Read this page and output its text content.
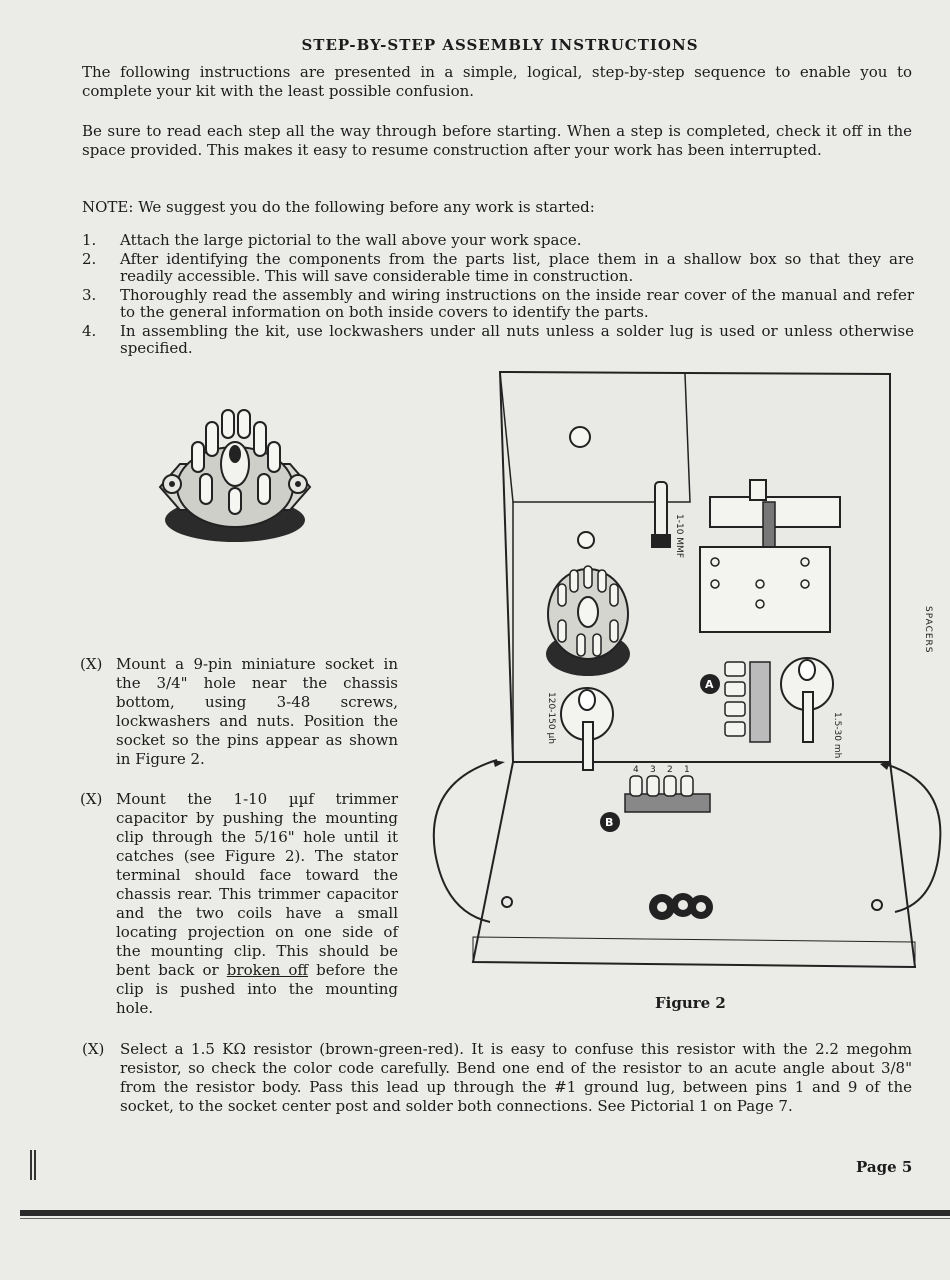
STEP-BY-STEP ASSEMBLY INSTRUCTIONS
The following instructions are presented in a simple, logical, step-by-step sequence to enable you to complete your kit with the least possible confusion.
Be sure to read each step all the way through before starting. When a step is completed, check it off in the space provided. This makes it easy to resume construction after your work has been interrupted.
NOTE: We suggest you do the following before any work is started:
1. Attach the large pictorial to the wall above your work space.
2. After identifying the components from the parts list, place them in a shallow box so that they are readily accessible. This will save considerable time in construction.
3. Thoroughly read the assembly and wiring instructions on the inside rear cover of the manual and refer to the general information on both inside covers to identify the parts.
4. In assembling the kit, use lockwashers under all nuts unless a solder lug is used or unless otherwise specified.
(X) Mount a 9-pin miniature socket in the 3/4" hole near the chassis bottom, using 3-48 screws, lockwashers and nuts. Position the socket so the pins appear as shown in Figure 2.
(X) Mount the 1-10 µµf trimmer capacitor by pushing the mounting clip through the 5/16" hole until it catches (see Figure 2). The stator terminal should face toward the chassis rear. This trimmer capacitor and the two coils have a small locating projection on one side of the mounting clip. This should be bent back or broken off before the clip is pushed into the mounting hole.
1-10 MMF
120-150 µh
A
1.5-30 mh
4 3 2 1
B
SPACERS
Figure 2
(X) Select a 1.5 KΩ resistor (brown-green-red). It is easy to confuse this resistor with the 2.2 megohm resistor, so check the color code carefully. Bend one end of the resistor to an acute angle about 3/8" from the resistor body. Pass this lead up through the #1 ground lug, between pins 1 and 9 of the socket, to the socket center post and solder both connections. See Pictorial 1 on Page 7.
Page 5
